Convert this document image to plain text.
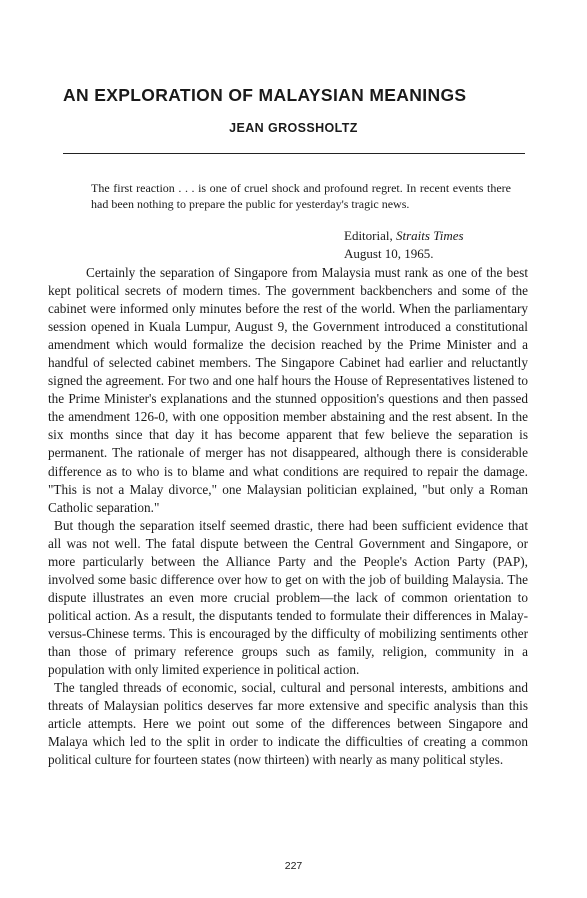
AN EXPLORATION OF MALAYSIAN MEANINGS

JEAN GROSSHOLTZ

The first reaction . . . is one of cruel shock and profound regret. In recent events there had been nothing to prepare the public for yesterday's tragic news.

Editorial, Straits Times
August 10, 1965.

Certainly the separation of Singapore from Malaysia must rank as one of the best kept political secrets of modern times. The government backbenchers and some of the cabinet were informed only minutes before the rest of the world. When the parliamentary session opened in Kuala Lumpur, August 9, the Government introduced a constitutional amendment which would formalize the decision reached by the Prime Minister and a handful of selected cabinet members. The Singapore Cabinet had earlier and reluctantly signed the agreement. For two and one half hours the House of Representatives listened to the Prime Minister's explanations and the stunned opposition's questions and then passed the amendment 126-0, with one opposition member abstaining and the rest absent. In the six months since that day it has become apparent that few believe the separation is permanent. The rationale of merger has not disappeared, although there is considerable difference as to who is to blame and what conditions are required to repair the damage. "This is not a Malay divorce," one Malaysian politician explained, "but only a Roman Catholic separation."

But though the separation itself seemed drastic, there had been sufficient evidence that all was not well. The fatal dispute between the Central Government and Singapore, or more particularly between the Alliance Party and the People's Action Party (PAP), involved some basic difference over how to get on with the job of building Malaysia. The dispute illustrates an even more crucial problem—the lack of common orientation to political action. As a result, the disputants tended to formulate their differences in Malay-versus-Chinese terms. This is encouraged by the difficulty of mobilizing sentiments other than those of primary reference groups such as family, religion, community in a population with only limited experience in political action.

The tangled threads of economic, social, cultural and personal interests, ambitions and threats of Malaysian politics deserves far more extensive and specific analysis than this article attempts. Here we point out some of the differences between Singapore and Malaya which led to the split in order to indicate the difficulties of creating a common political culture for fourteen states (now thirteen) with nearly as many political styles.

227
